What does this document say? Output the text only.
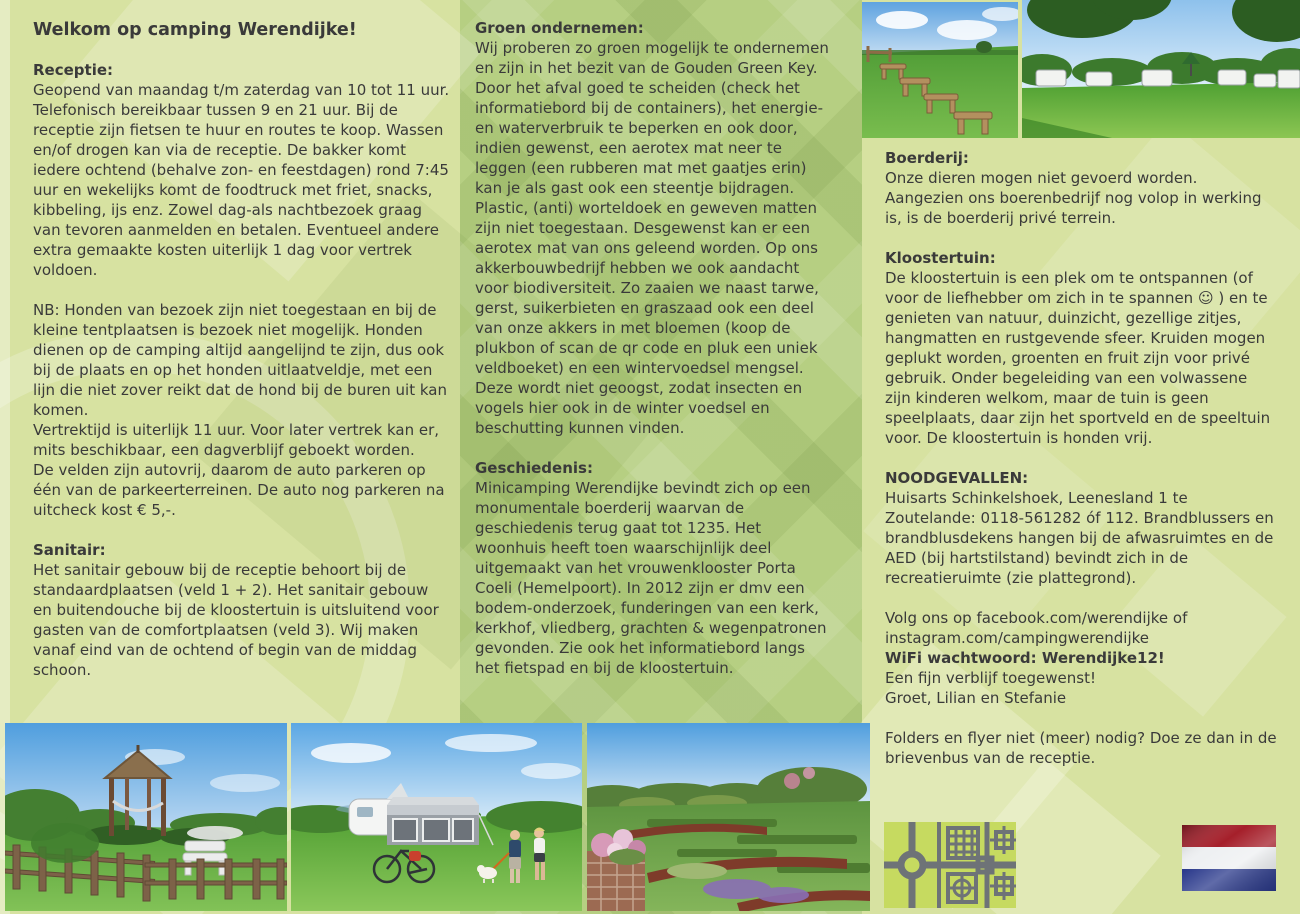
Welkom op camping Werendijke!

Receptie:

Geopend van maandag t/m zaterdag van 10 tot 11 uur. Telefonisch bereikbaar tussen 9 en 21 uur. Bij de receptie zijn fietsen te huur en routes te koop. Wassen en/of drogen kan via de receptie. De bakker komt iedere ochtend (behalve zon- en feestdagen) rond 7:45 uur en wekelijks komt de foodtruck met friet, snacks, kibbeling, ijs enz. Zowel dag-als nachtbezoek graag van tevoren aanmelden en betalen. Eventueel andere extra gemaakte kosten uiterlijk 1 dag voor vertrek voldoen.

NB: Honden van bezoek zijn niet toegestaan en bij de kleine tentplaatsen is bezoek niet mogelijk. Honden dienen op de camping altijd aangelijnd te zijn, dus ook bij de plaats en op het honden uitlaatveldje, met een lijn die niet zover reikt dat de hond bij de buren uit kan komen.

Vertrektijd is uiterlijk 11 uur. Voor later vertrek kan er, mits beschikbaar, een dagverblijf geboekt worden.

De velden zijn autovrij, daarom de auto parkeren op één van de parkeerterreinen. De auto nog parkeren na uitcheck kost € 5,-.

Sanitair:

Het sanitair gebouw bij de receptie behoort bij de standaardplaatsen (veld 1 + 2). Het sanitair gebouw en buitendouche bij de kloostertuin is uitsluitend voor gasten van de comfortplaatsen (veld 3). Wij maken vanaf eind van de ochtend of begin van de middag schoon.

Groen ondernemen:

Wij proberen zo groen mogelijk te ondernemen en zijn in het bezit van de Gouden Green Key. Door het afval goed te scheiden (check het informatiebord bij de containers), het energie- en waterverbruik te beperken en ook door, indien gewenst, een aerotex mat neer te leggen (een rubberen mat met gaatjes erin) kan je als gast ook een steentje bijdragen. Plastic, (anti) worteldoek en geweven matten zijn niet toegestaan. Desgewenst kan er een aerotex mat van ons geleend worden. Op ons akkerbouwbedrijf hebben we ook aandacht voor biodiversiteit. Zo zaaien we naast tarwe, gerst, suikerbieten en graszaad ook een deel van onze akkers in met bloemen (koop de plukbon of scan de qr code en pluk een uniek veldboeket) en een wintervoedsel mengsel. Deze wordt niet geoogst, zodat insecten en vogels hier ook in de winter voedsel en beschutting kunnen vinden.

Geschiedenis:

Minicamping Werendijke bevindt zich op een monumentale boerderij waarvan de geschiedenis terug gaat tot 1235. Het woonhuis heeft toen waarschijnlijk deel uitgemaakt van het vrouwenklooster Porta Coeli (Hemelpoort). In 2012 zijn er dmv een bodem-onderzoek, funderingen van een kerk, kerkhof, vliedberg, grachten & wegenpatronen gevonden. Zie ook het informatiebord langs het fietspad en bij de kloostertuin.

Boerderij:

Onze dieren mogen niet gevoerd worden. Aangezien ons boerenbedrijf nog volop in werking is, is de boerderij privé terrein.

Kloostertuin:

De kloostertuin is een plek om te ontspannen (of voor de liefhebber om zich in te spannen ☺ ) en te genieten van natuur, duinzicht, gezellige zitjes, hangmatten en rustgevende sfeer. Kruiden mogen geplukt worden, groenten en fruit zijn voor privé gebruik. Onder begeleiding van een volwassene zijn kinderen welkom, maar de tuin is geen speelplaats, daar zijn het sportveld en de speeltuin voor. De kloostertuin is honden vrij.

NOODGEVALLEN:

Huisarts Schinkelshoek, Leenesland 1 te Zoutelande: 0118-561282 óf 112. Brandblussers en brandblusdekens hangen bij de afwasruimtes en de AED (bij hartstilstand) bevindt zich in de recreatieruimte (zie plattegrond).

Volg ons op facebook.com/werendijke of instagram.com/campingwerendijke

WiFi wachtwoord: Werendijke12!

Een fijn verblijf toegewenst!

Groet, Lilian en Stefanie

Folders en flyer niet (meer) nodig? Doe ze dan in de brievenbus van de receptie.
